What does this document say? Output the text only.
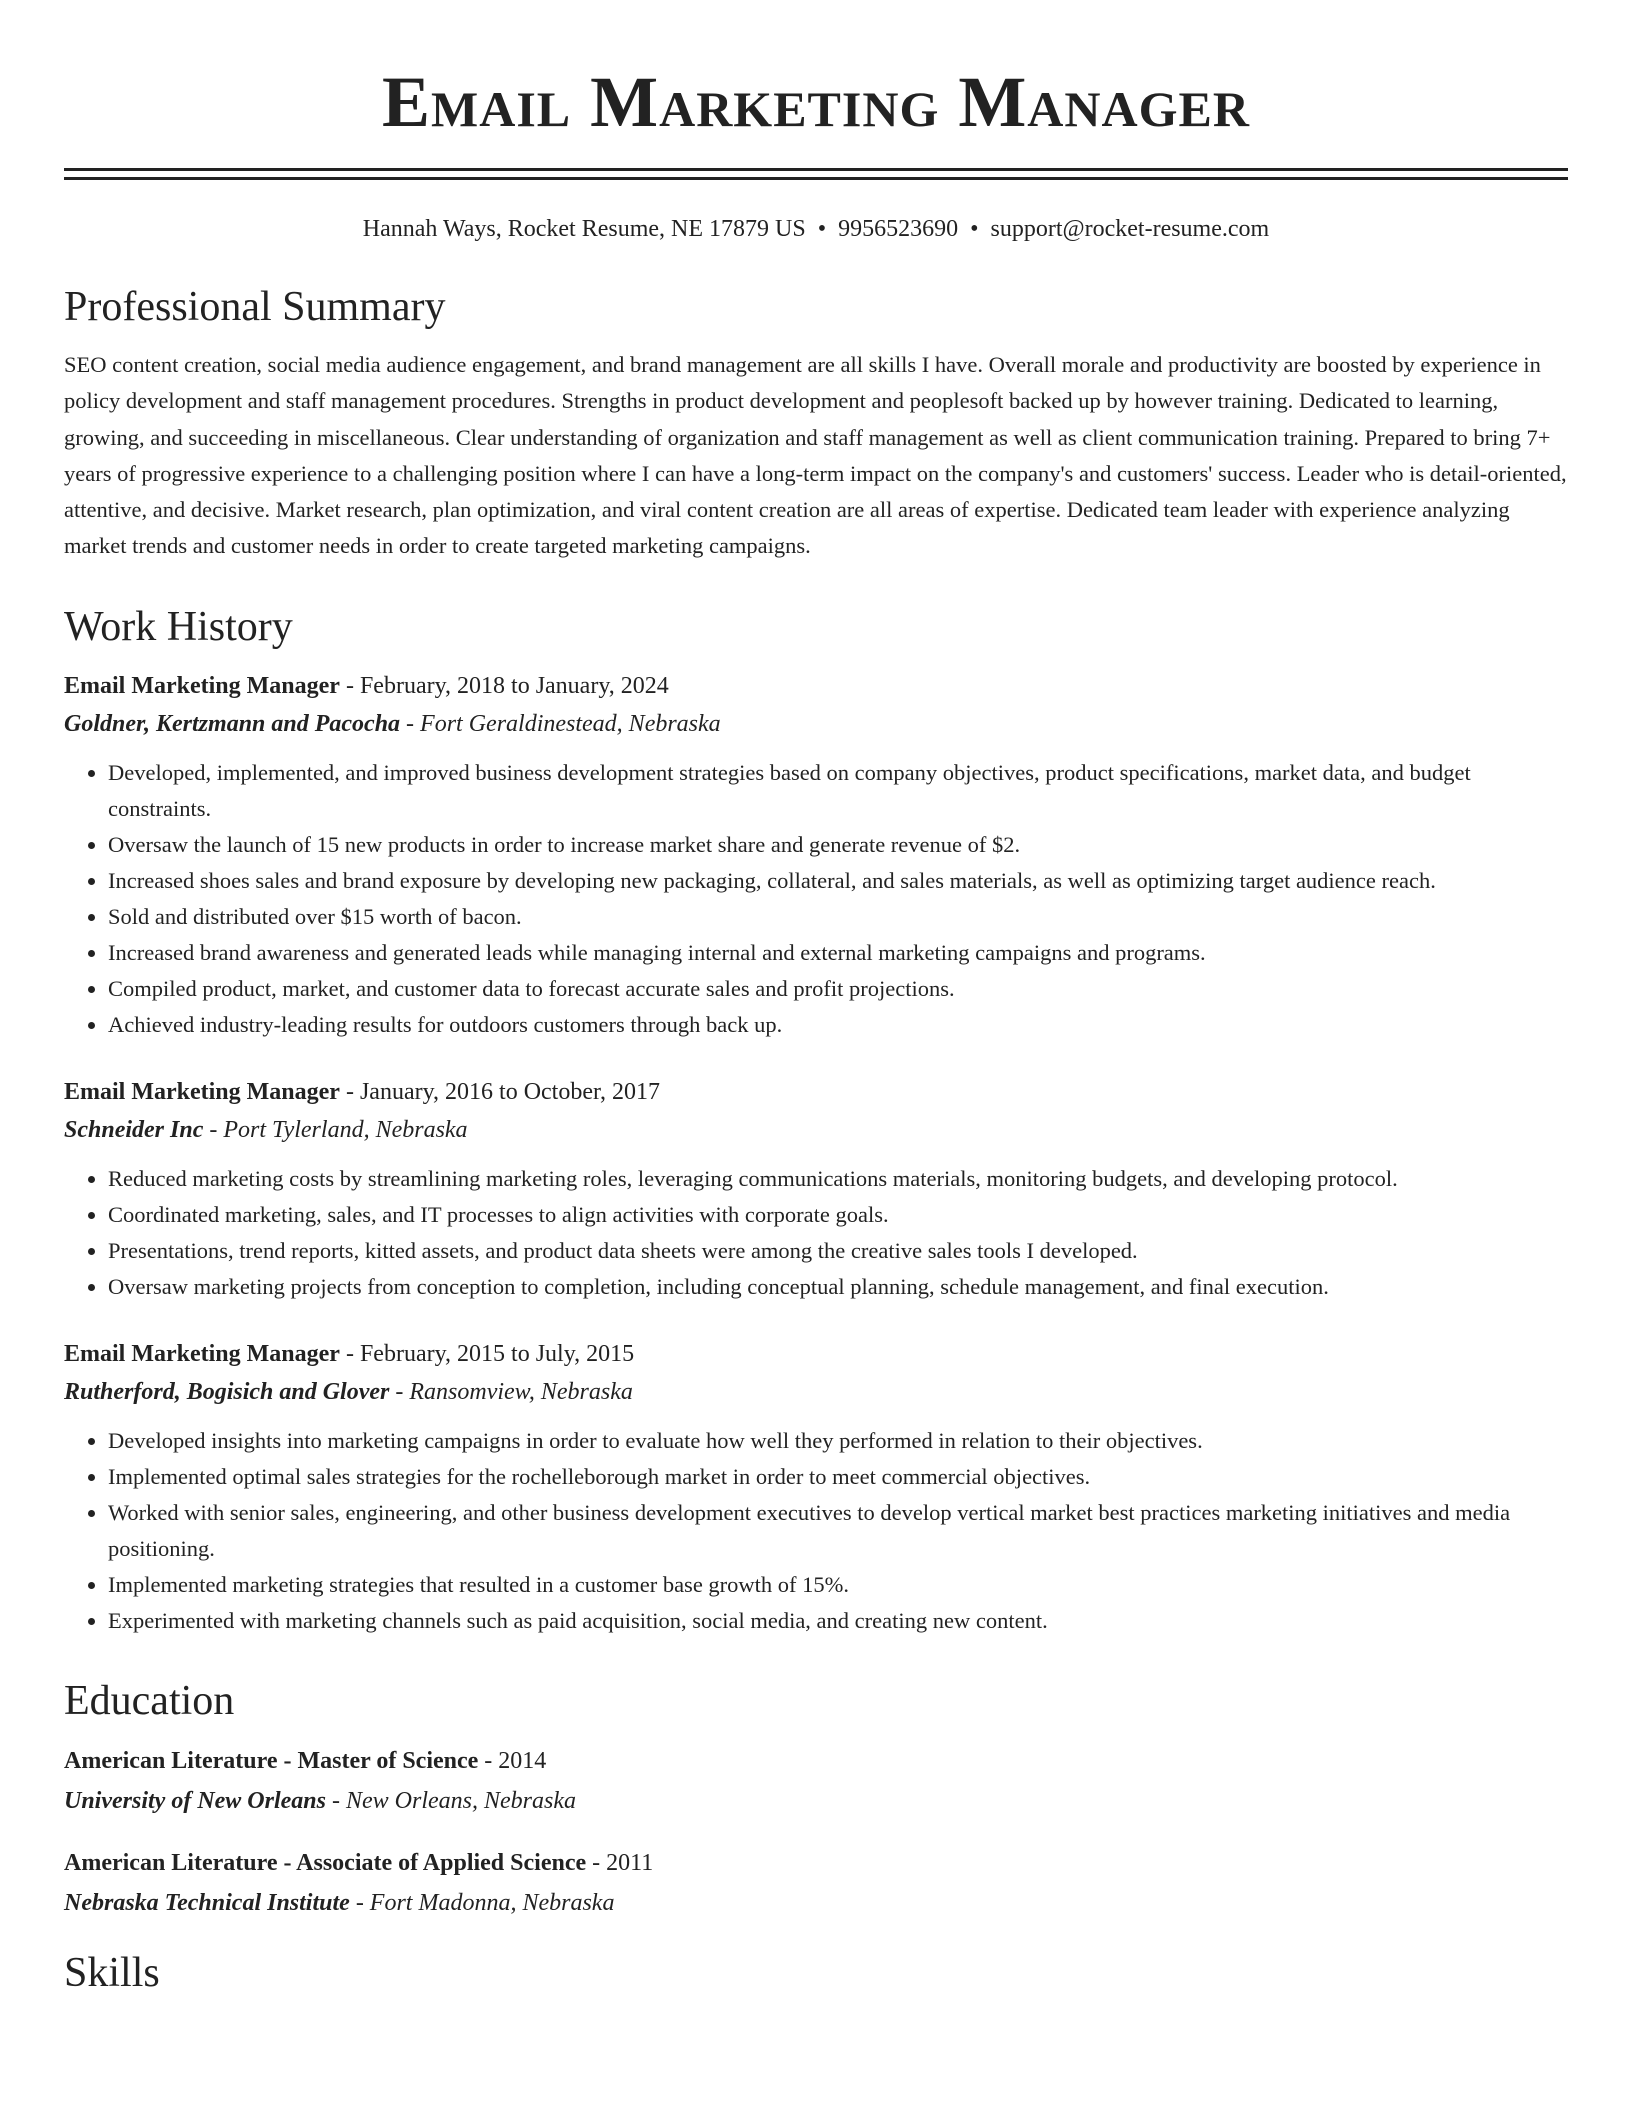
Email Marketing Manager
Hannah Ways, Rocket Resume, NE 17879 US • 9956523690 • support@rocket-resume.com
Professional Summary

SEO content creation, social media audience engagement, and brand management are all skills I have. Overall morale and productivity are boosted by experience in policy development and staff management procedures. Strengths in product development and peoplesoft backed up by however training. Dedicated to learning, growing, and succeeding in miscellaneous. Clear understanding of organization and staff management as well as client communication training. Prepared to bring 7+ years of progressive experience to a challenging position where I can have a long-term impact on the company's and customers' success. Leader who is detail-oriented, attentive, and decisive. Market research, plan optimization, and viral content creation are all areas of expertise. Dedicated team leader with experience analyzing market trends and customer needs in order to create targeted marketing campaigns.

Work History
Email Marketing Manager - February, 2018 to January, 2024
Goldner, Kertzmann and Pacocha - Fort Geraldinestead, Nebraska
• Developed, implemented, and improved business development strategies based on company objectives, product specifications, market data, and budget constraints.
• Oversaw the launch of 15 new products in order to increase market share and generate revenue of $2.
• Increased shoes sales and brand exposure by developing new packaging, collateral, and sales materials, as well as optimizing target audience reach.
• Sold and distributed over $15 worth of bacon.
• Increased brand awareness and generated leads while managing internal and external marketing campaigns and programs.
• Compiled product, market, and customer data to forecast accurate sales and profit projections.
• Achieved industry-leading results for outdoors customers through back up.
Email Marketing Manager - January, 2016 to October, 2017
Schneider Inc - Port Tylerland, Nebraska
• Reduced marketing costs by streamlining marketing roles, leveraging communications materials, monitoring budgets, and developing protocol.
• Coordinated marketing, sales, and IT processes to align activities with corporate goals.
• Presentations, trend reports, kitted assets, and product data sheets were among the creative sales tools I developed.
• Oversaw marketing projects from conception to completion, including conceptual planning, schedule management, and final execution.
Email Marketing Manager - February, 2015 to July, 2015
Rutherford, Bogisich and Glover - Ransomview, Nebraska
• Developed insights into marketing campaigns in order to evaluate how well they performed in relation to their objectives.
• Implemented optimal sales strategies for the rochelleborough market in order to meet commercial objectives.
• Worked with senior sales, engineering, and other business development executives to develop vertical market best practices marketing initiatives and media positioning.
• Implemented marketing strategies that resulted in a customer base growth of 15%.
• Experimented with marketing channels such as paid acquisition, social media, and creating new content.
Education
American Literature - Master of Science - 2014
University of New Orleans - New Orleans, Nebraska
American Literature - Associate of Applied Science - 2011
Nebraska Technical Institute - Fort Madonna, Nebraska
Skills
